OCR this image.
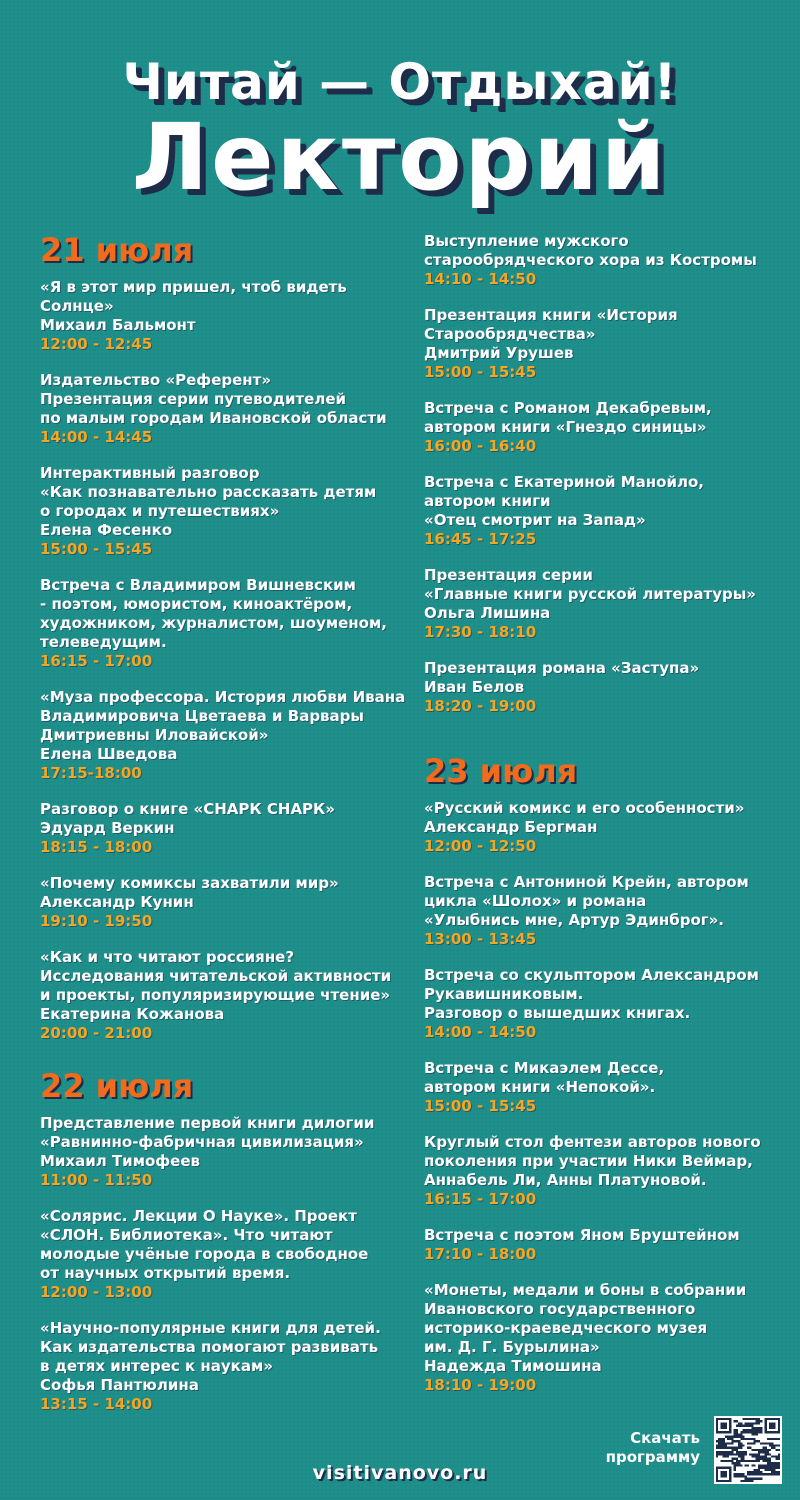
Читай — Отдыхай!
Лекторий
21 июля
«Я в этот мир пришел, чтоб видеть
Солнце»
Михаил Бальмонт
12:00 - 12:45
Издательство «Референт»
Презентация серии путеводителей
по малым городам Ивановской области
14:00 - 14:45
Интерактивный разговор
«Как познавательно рассказать детям
о городах и путешествиях»
Елена Фесенко
15:00 - 15:45
Встреча с Владимиром Вишневским
- поэтом, юмористом, киноактёром,
художником, журналистом, шоуменом,
телеведущим.
16:15 - 17:00
«Муза профессора. История любви Ивана
Владимировича Цветаева и Варвары
Дмитриевны Иловайской»
Елена Шведова
17:15-18:00
Разговор о книге «СНАРК СНАРК»
Эдуард Веркин
18:15 - 18:00
«Почему комиксы захватили мир»
Александр Кунин
19:10 - 19:50
«Как и что читают россияне?
Исследования читательской активности
и проекты, популяризирующие чтение»
Екатерина Кожанова
20:00 - 21:00
22 июля
Представление первой книги дилогии
«Равнинно-фабричная цивилизация»
Михаил Тимофеев
11:00 - 11:50
«Солярис. Лекции О Науке». Проект
«СЛОН. Библиотека». Что читают
молодые учёные города в свободное
от научных открытий время.
12:00 - 13:00
«Научно-популярные книги для детей.
Как издательства помогают развивать
в детях интерес к наукам»
Софья Пантюлина
13:15 - 14:00
Выступление мужского
старообрядческого хора из Костромы
14:10 - 14:50
Презентация книги «История
Старообрядчества»
Дмитрий Урушев
15:00 - 15:45
Встреча с Романом Декабревым,
автором книги «Гнездо синицы»
16:00 - 16:40
Встреча с Екатериной Манойло,
автором книги
«Отец смотрит на Запад»
16:45 - 17:25
Презентация серии
«Главные книги русской литературы»
Ольга Лишина
17:30 - 18:10
Презентация романа «Заступа»
Иван Белов
18:20 - 19:00
23 июля
«Русский комикс и его особенности»
Александр Бергман
12:00 - 12:50
Встреча с Антониной Крейн, автором
цикла «Шолох» и романа
«Улыбнись мне, Артур Эдинброг».
13:00 - 13:45
Встреча со скульптором Александром
Рукавишниковым.
Разговор о вышедших книгах.
14:00 - 14:50
Встреча с Микаэлем Дессе,
автором книги «Непокой».
15:00 - 15:45
Круглый стол фентези авторов нового
поколения при участии Ники Веймар,
Аннабель Ли, Анны Платуновой.
16:15 - 17:00
Встреча с поэтом Яном Бруштейном
17:10 - 18:00
«Монеты, медали и боны в собрании
Ивановского государственного
историко-краеведческого музея
им. Д. Г. Бурылина»
Надежда Тимошина
18:10 - 19:00
Скачать
программу
visitivanovo.ru
